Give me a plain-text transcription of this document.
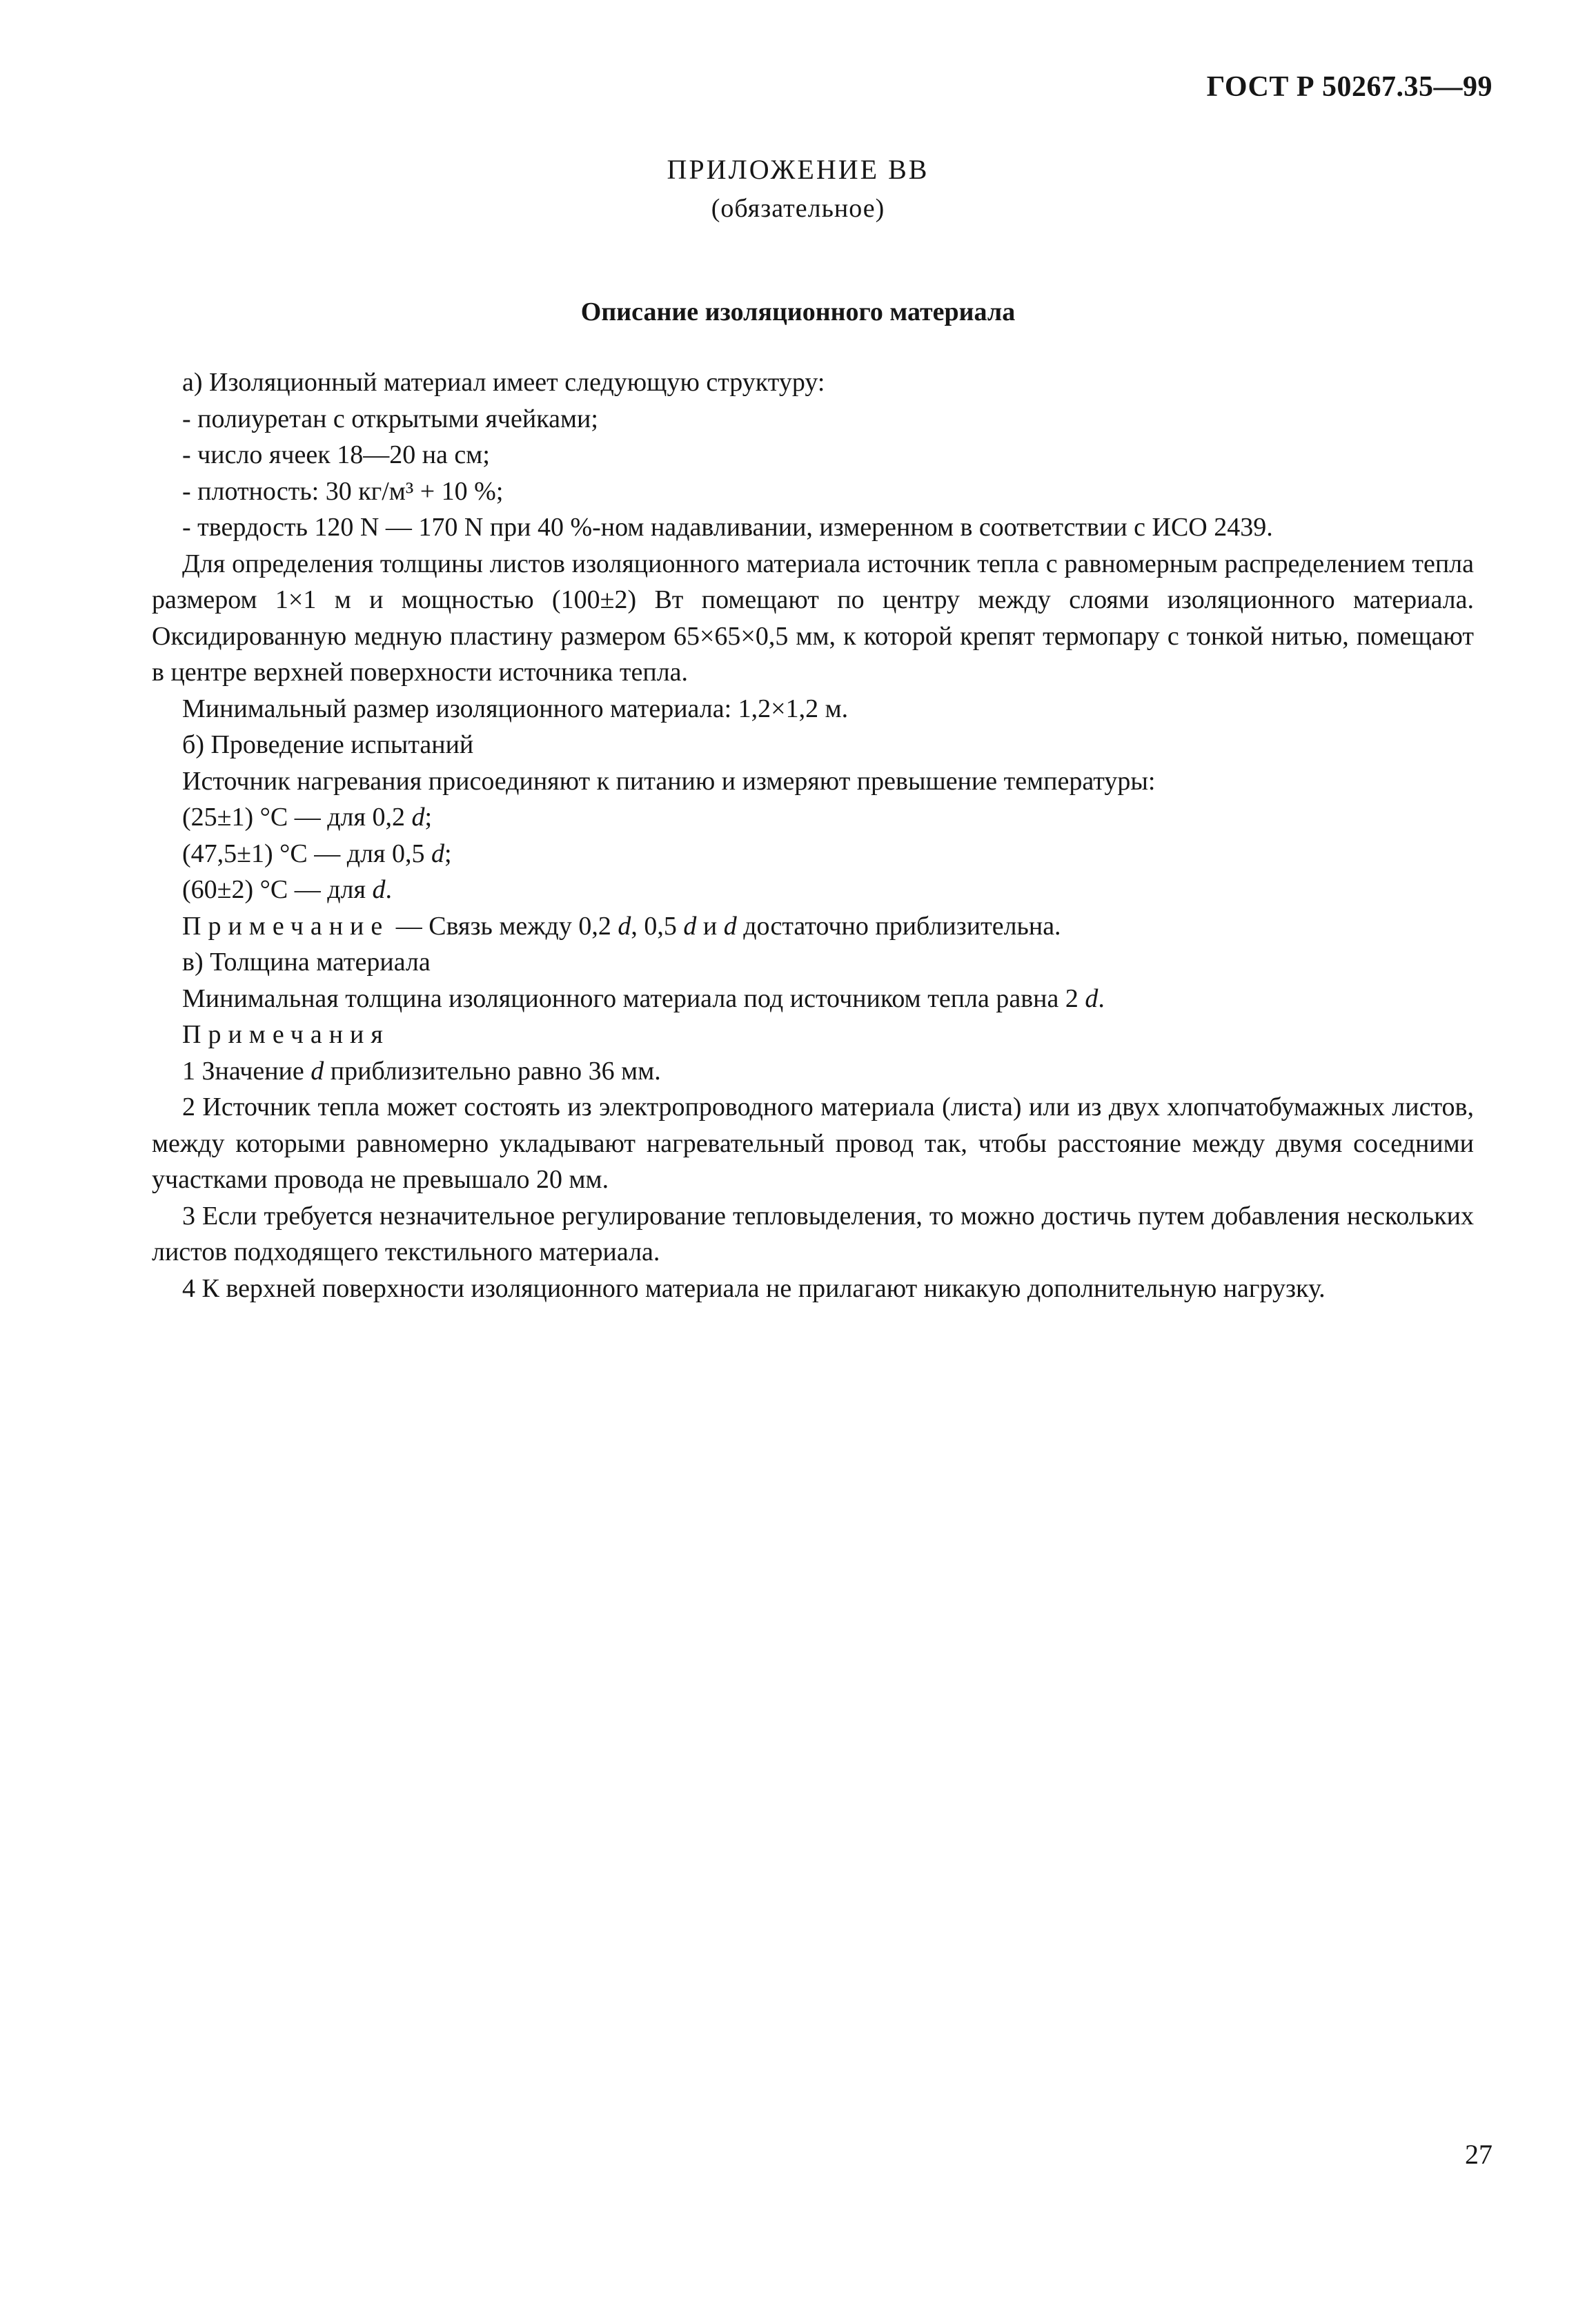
ГОСТ Р 50267.35—99
ПРИЛОЖЕНИЕ ВВ
(обязательное)
Описание изоляционного материала

а) Изоляционный материал имеет следующую структуру:

- полиуретан с открытыми ячейками;

- число ячеек 18—20 на см;

- плотность: 30 кг/м³ + 10 %;

- твердость 120 N — 170 N при 40 %-ном надавливании, измеренном в соответствии с ИСО 2439.

Для определения толщины листов изоляционного материала источник тепла с равномерным распределением тепла размером 1×1 м и мощностью (100±2) Вт помещают по центру между слоями изоляционного материала. Оксидированную медную пластину размером 65×65×0,5 мм, к которой крепят термопару с тонкой нитью, помещают в центре верхней поверхности источника тепла.

Минимальный размер изоляционного материала: 1,2×1,2 м.

б) Проведение испытаний

Источник нагревания присоединяют к питанию и измеряют превышение температуры:

(25±1) °С — для 0,2 d;

(47,5±1) °С — для 0,5 d;

(60±2) °С — для d.

Примечание — Связь между 0,2 d, 0,5 d и d достаточно приблизительна.

в) Толщина материала

Минимальная толщина изоляционного материала под источником тепла равна 2 d.

Примечания

1 Значение d приблизительно равно 36 мм.

2 Источник тепла может состоять из электропроводного материала (листа) или из двух хлопчатобумажных листов, между которыми равномерно укладывают нагревательный провод так, чтобы расстояние между двумя соседними участками провода не превышало 20 мм.

3 Если требуется незначительное регулирование тепловыделения, то можно достичь путем добавления нескольких листов подходящего текстильного материала.

4 К верхней поверхности изоляционного материала не прилагают никакую дополнительную нагрузку.

27
